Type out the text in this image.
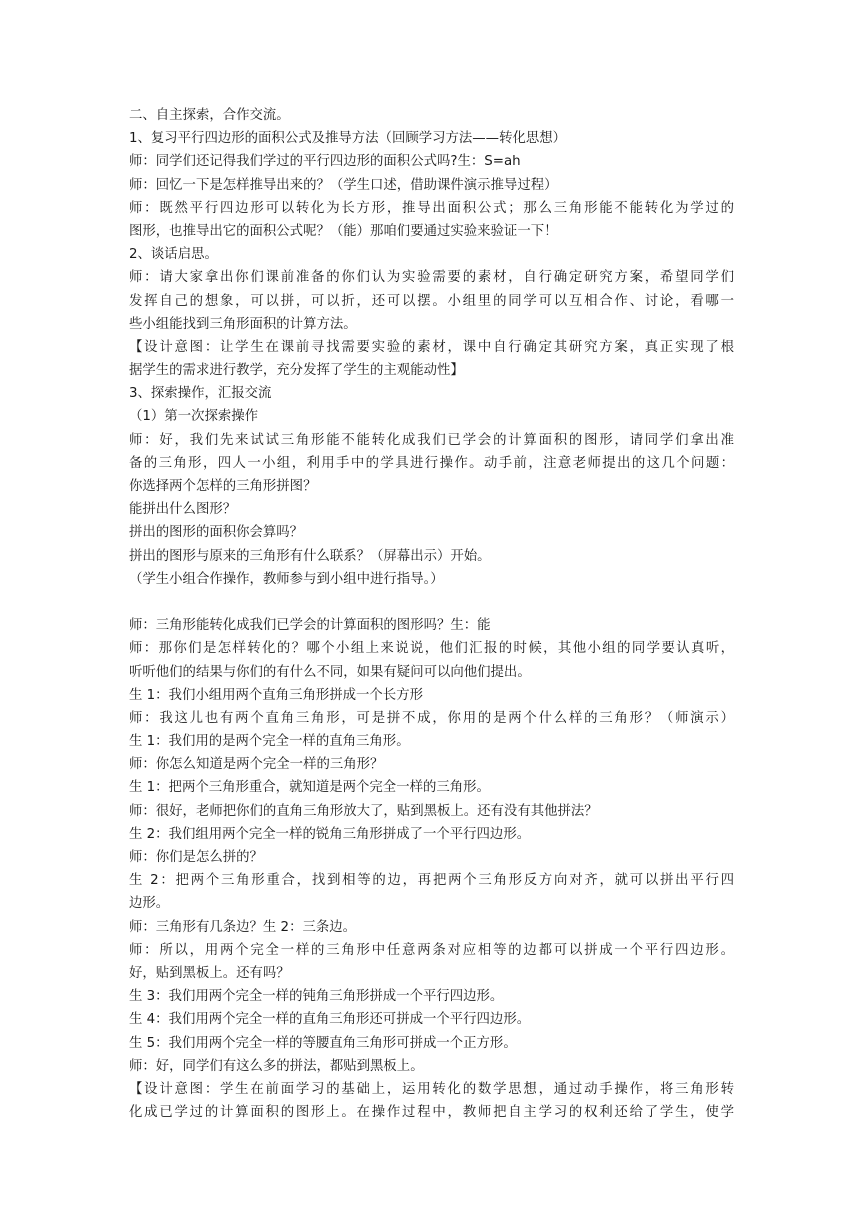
二、自主探索，合作交流。
1、复习平行四边形的面积公式及推导方法（回顾学习方法——转化思想）
师：同学们还记得我们学过的平行四边形的面积公式吗?生：S=ah
师：回忆一下是怎样推导出来的？（学生口述，借助课件演示推导过程）
师：既然平行四边形可以转化为长方形，推导出面积公式；那么三角形能不能转化为学过的
图形，也推导出它的面积公式呢？（能）那咱们要通过实验来验证一下！
2、谈话启思。
师：请大家拿出你们课前准备的你们认为实验需要的素材，自行确定研究方案，希望同学们
发挥自己的想象，可以拼，可以折，还可以摆。小组里的同学可以互相合作、讨论，看哪一
些小组能找到三角形面积的计算方法。
【设计意图：让学生在课前寻找需要实验的素材，课中自行确定其研究方案，真正实现了根
据学生的需求进行教学，充分发挥了学生的主观能动性】
3、探索操作，汇报交流
（1）第一次探索操作
师：好，我们先来试试三角形能不能转化成我们已学会的计算面积的图形，请同学们拿出准
备的三角形，四人一小组，利用手中的学具进行操作。动手前，注意老师提出的这几个问题：
你选择两个怎样的三角形拼图？
能拼出什么图形？
拼出的图形的面积你会算吗？
拼出的图形与原来的三角形有什么联系？（屏幕出示）开始。
（学生小组合作操作，教师参与到小组中进行指导。）
师：三角形能转化成我们已学会的计算面积的图形吗？生：能
师：那你们是怎样转化的？哪个小组上来说说，他们汇报的时候，其他小组的同学要认真听，
听听他们的结果与你们的有什么不同，如果有疑问可以向他们提出。
生 1：我们小组用两个直角三角形拼成一个长方形
师：我这儿也有两个直角三角形，可是拼不成，你用的是两个什么样的三角形？（师演示）
生 1：我们用的是两个完全一样的直角三角形。
师：你怎么知道是两个完全一样的三角形？
生 1：把两个三角形重合，就知道是两个完全一样的三角形。
师：很好，老师把你们的直角三角形放大了，贴到黑板上。还有没有其他拼法？
生 2：我们组用两个完全一样的锐角三角形拼成了一个平行四边形。
师：你们是怎么拼的？
生 2：把两个三角形重合，找到相等的边，再把两个三角形反方向对齐，就可以拼出平行四
边形。
师：三角形有几条边？生 2：三条边。
师：所以，用两个完全一样的三角形中任意两条对应相等的边都可以拼成一个平行四边形。
好，贴到黑板上。还有吗？
生 3：我们用两个完全一样的钝角三角形拼成一个平行四边形。
生 4：我们用两个完全一样的直角三角形还可拼成一个平行四边形。
生 5：我们用两个完全一样的等腰直角三角形可拼成一个正方形。
师：好，同学们有这么多的拼法，都贴到黑板上。
【设计意图：学生在前面学习的基础上，运用转化的数学思想，通过动手操作，将三角形转
化成已学过的计算面积的图形上。在操作过程中，教师把自主学习的权利还给了学生，使学
